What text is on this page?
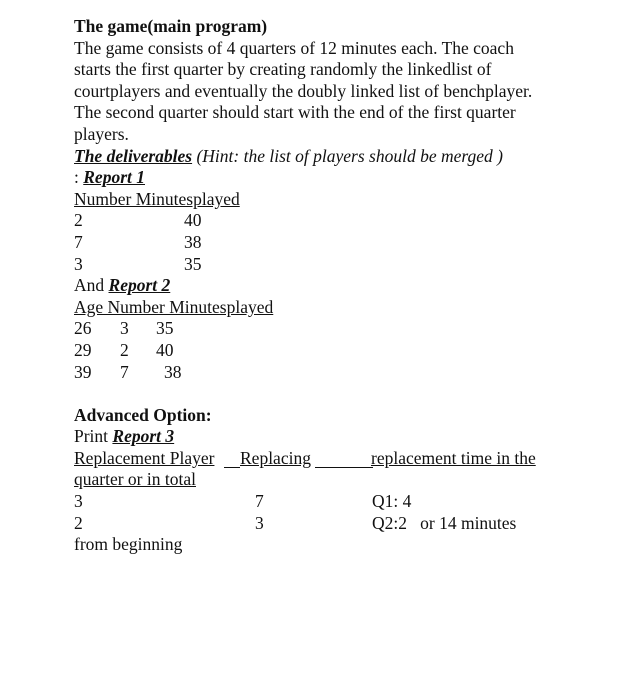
The game(main program)
The game consists of 4 quarters of 12 minutes each. The coach starts the first quarter by creating randomly the linkedlist of courtplayers and eventually the doubly linked list of benchplayer. The second quarter should start with the end of the first quarter players.
The deliverables (Hint: the list of players should be merged )
: Report 1
Number Minutesplayed
2	40
7	38
3	35
And Report 2
Age Number Minutesplayed
26 3 35
29 2 40
39 7 38
Advanced Option:
Print Report 3
Replacement Player Replacing	replacement time in the
quarter or in total
3	7	Q1: 4
2	3	Q2:2   or 14 minutes
from beginning
